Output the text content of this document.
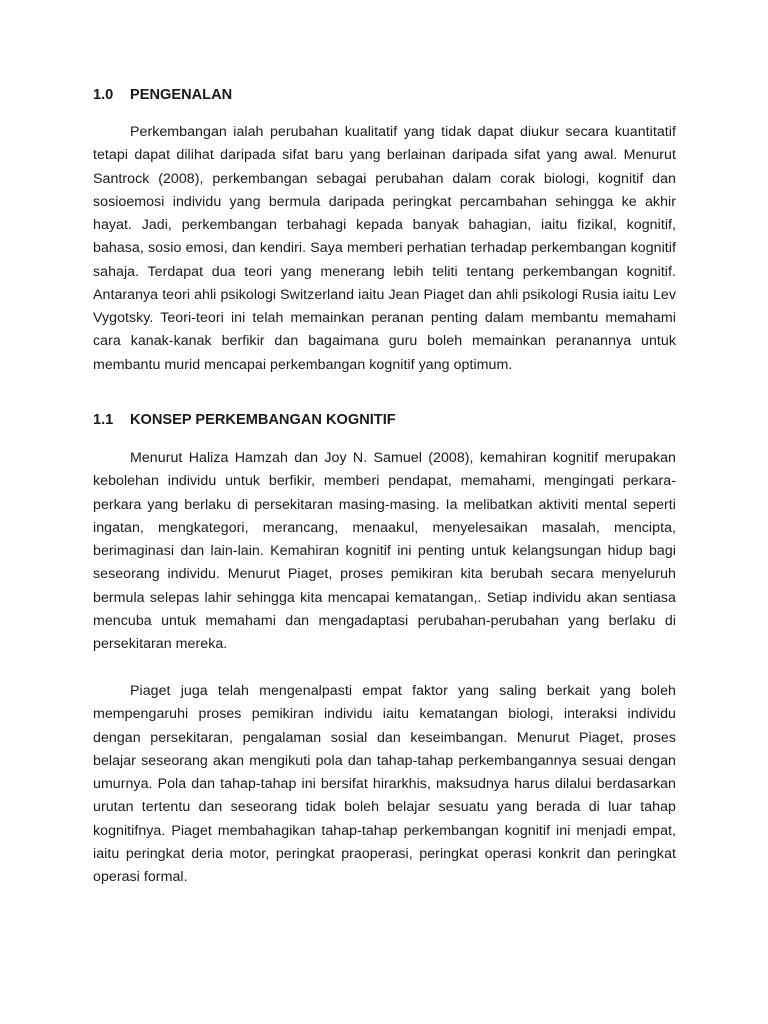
1.0 PENGENALAN

Perkembangan ialah perubahan kualitatif yang tidak dapat diukur secara kuantitatif tetapi dapat dilihat daripada sifat baru yang berlainan daripada sifat yang awal. Menurut Santrock (2008), perkembangan sebagai perubahan dalam corak biologi, kognitif dan sosioemosi individu yang bermula daripada peringkat percambahan sehingga ke akhir hayat. Jadi, perkembangan terbahagi kepada banyak bahagian, iaitu fizikal, kognitif, bahasa, sosio emosi, dan kendiri. Saya memberi perhatian terhadap perkembangan kognitif sahaja. Terdapat dua teori yang menerang lebih teliti tentang perkembangan kognitif. Antaranya teori ahli psikologi Switzerland iaitu Jean Piaget dan ahli psikologi Rusia iaitu Lev Vygotsky. Teori-teori ini telah memainkan peranan penting dalam membantu memahami cara kanak-kanak berfikir dan bagaimana guru boleh memainkan peranannya untuk membantu murid mencapai perkembangan kognitif yang optimum.

1.1 KONSEP PERKEMBANGAN KOGNITIF

Menurut Haliza Hamzah dan Joy N. Samuel (2008), kemahiran kognitif merupakan kebolehan individu untuk berfikir, memberi pendapat, memahami, mengingati perkara-perkara yang berlaku di persekitaran masing-masing. Ia melibatkan aktiviti mental seperti ingatan, mengkategori, merancang, menaakul, menyelesaikan masalah, mencipta, berimaginasi dan lain-lain. Kemahiran kognitif ini penting untuk kelangsungan hidup bagi seseorang individu. Menurut Piaget, proses pemikiran kita berubah secara menyeluruh bermula selepas lahir sehingga kita mencapai kematangan,. Setiap individu akan sentiasa mencuba untuk memahami dan mengadaptasi perubahan-perubahan yang berlaku di persekitaran mereka.

Piaget juga telah mengenalpasti empat faktor yang saling berkait yang boleh mempengaruhi proses pemikiran individu iaitu kematangan biologi, interaksi individu dengan persekitaran, pengalaman sosial dan keseimbangan. Menurut Piaget, proses belajar seseorang akan mengikuti pola dan tahap-tahap perkembangannya sesuai dengan umurnya. Pola dan tahap-tahap ini bersifat hirarkhis, maksudnya harus dilalui berdasarkan urutan tertentu dan seseorang tidak boleh belajar sesuatu yang berada di luar tahap kognitifnya. Piaget membahagikan tahap-tahap perkembangan kognitif ini menjadi empat, iaitu peringkat deria motor, peringkat praoperasi, peringkat operasi konkrit dan peringkat operasi formal.
